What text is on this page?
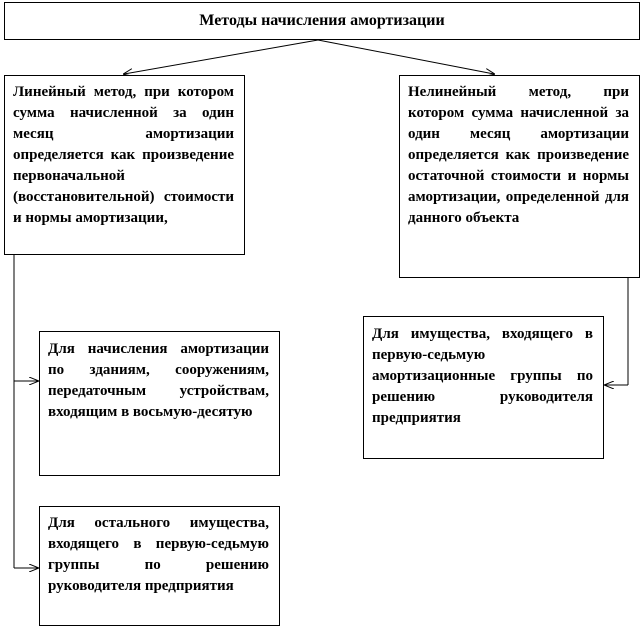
Методы начисления амортизации
Линейный метод, при котором сумма начисленной за один месяц амортизации определяется как произведение первоначальной (восстановительной) стоимости и нормы амортизации,
Нелинейный метод, при котором сумма начисленной за один месяц амортизации определяется как произведение остаточной стоимости и нормы амортизации, определенной для данного объекта
Для начисления амортизации по зданиям, сооружениям, передаточным устройствам, входящим в восьмую-десятую
Для остального имущества, входящего в первую-седьмую группы по решению руководителя предприятия
Для имущества, входящего в первую-седьмую амортизационные группы по решению руководителя предприятия
